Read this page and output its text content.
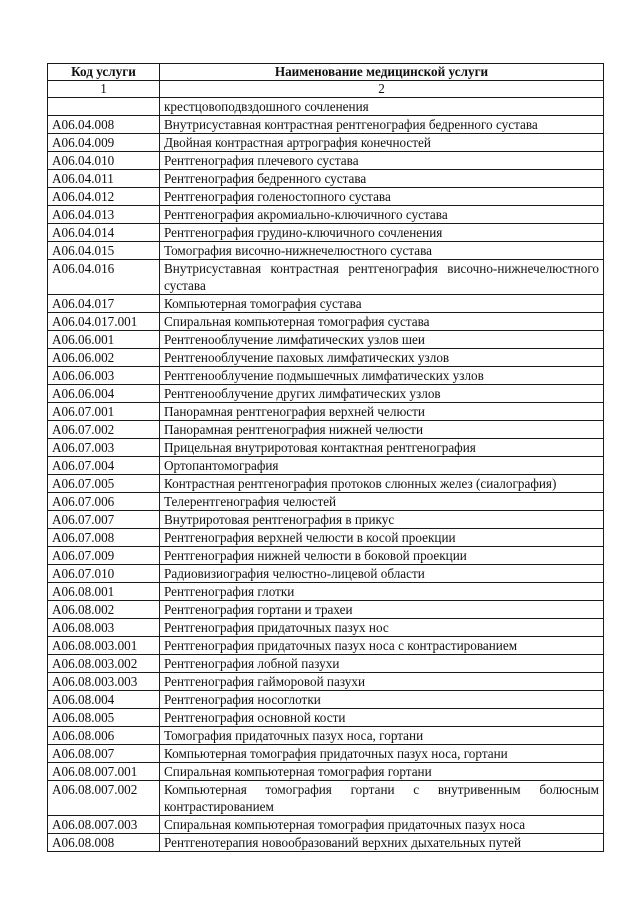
Код услуги	Наименование медицинской услуги
1	2
	крестцовоподвздошного сочленения
A06.04.008	Внутрисуставная контрастная рентгенография бедренного сустава
A06.04.009	Двойная контрастная артрография конечностей
A06.04.010	Рентгенография плечевого сустава
A06.04.011	Рентгенография бедренного сустава
A06.04.012	Рентгенография голеностопного сустава
A06.04.013	Рентгенография акромиально-ключичного сустава
A06.04.014	Рентгенография грудино-ключичного сочленения
A06.04.015	Томография височно-нижнечелюстного сустава
A06.04.016	Внутрисуставная контрастная рентгенография височно-нижнечелюстного сустава
A06.04.017	Компьютерная томография сустава
A06.04.017.001	Спиральная компьютерная томография сустава
A06.06.001	Рентгенооблучение лимфатических узлов шеи
A06.06.002	Рентгенооблучение паховых лимфатических узлов
A06.06.003	Рентгенооблучение подмышечных лимфатических узлов
A06.06.004	Рентгенооблучение других лимфатических узлов
A06.07.001	Панорамная рентгенография верхней челюсти
A06.07.002	Панорамная рентгенография нижней челюсти
A06.07.003	Прицельная внутриротовая контактная рентгенография
A06.07.004	Ортопантомография
A06.07.005	Контрастная рентгенография протоков слюнных желез (сиалография)
A06.07.006	Телерентгенография челюстей
A06.07.007	Внутриротовая рентгенография в прикус
A06.07.008	Рентгенография верхней челюсти в косой проекции
A06.07.009	Рентгенография нижней челюсти в боковой проекции
A06.07.010	Радиовизиография челюстно-лицевой области
A06.08.001	Рентгенография глотки
A06.08.002	Рентгенография гортани и трахеи
A06.08.003	Рентгенография придаточных пазух нос
A06.08.003.001	Рентгенография придаточных пазух носа с контрастированием
A06.08.003.002	Рентгенография лобной пазухи
A06.08.003.003	Рентгенография гайморовой пазухи
A06.08.004	Рентгенография носоглотки
A06.08.005	Рентгенография основной кости
A06.08.006	Томография придаточных пазух носа, гортани
A06.08.007	Компьютерная томография придаточных пазух носа, гортани
A06.08.007.001	Спиральная компьютерная томография гортани
A06.08.007.002	Компьютерная томография гортани с внутривенным болюсным контрастированием
A06.08.007.003	Спиральная компьютерная томография придаточных пазух носа
A06.08.008	Рентгенотерапия новообразований верхних дыхательных путей
